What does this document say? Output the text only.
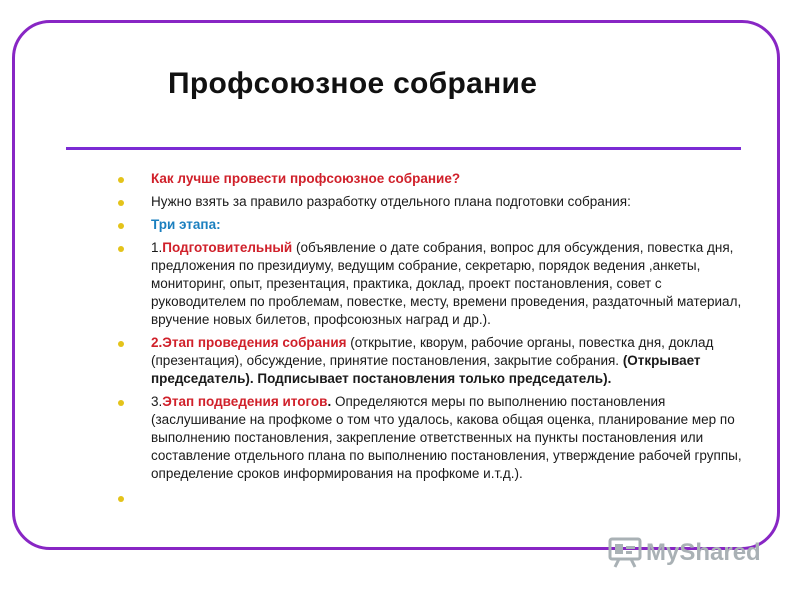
Профсоюзное собрание
Как лучше провести профсоюзное собрание?
Нужно взять за правило разработку отдельного плана подготовки собрания:
Три этапа:
1.Подготовительный (объявление о дате собрания, вопрос для обсуждения, повестка дня, предложения по президиуму, ведущим собрание, секретарю, порядок ведения ,анкеты, мониторинг, опыт, презентация, практика, доклад, проект постановления, совет с руководителем по проблемам, повестке, месту, времени проведения, раздаточный материал, вручение новых билетов, профсоюзных наград и др.).
2.Этап проведения собрания (открытие, кворум, рабочие органы, повестка дня, доклад (презентация), обсуждение, принятие постановления, закрытие собрания. (Открывает председатель). Подписывает постановления только председатель).
3.Этап подведения итогов. Определяются меры по выполнению постановления (заслушивание на профкоме о том что удалось, какова общая оценка, планирование мер по выполнению постановления, закрепление ответственных на пункты постановления или составление отдельного плана по выполнению постановления, утверждение рабочей группы, определение сроков информирования на профкоме и.т.д.).
MyShared
